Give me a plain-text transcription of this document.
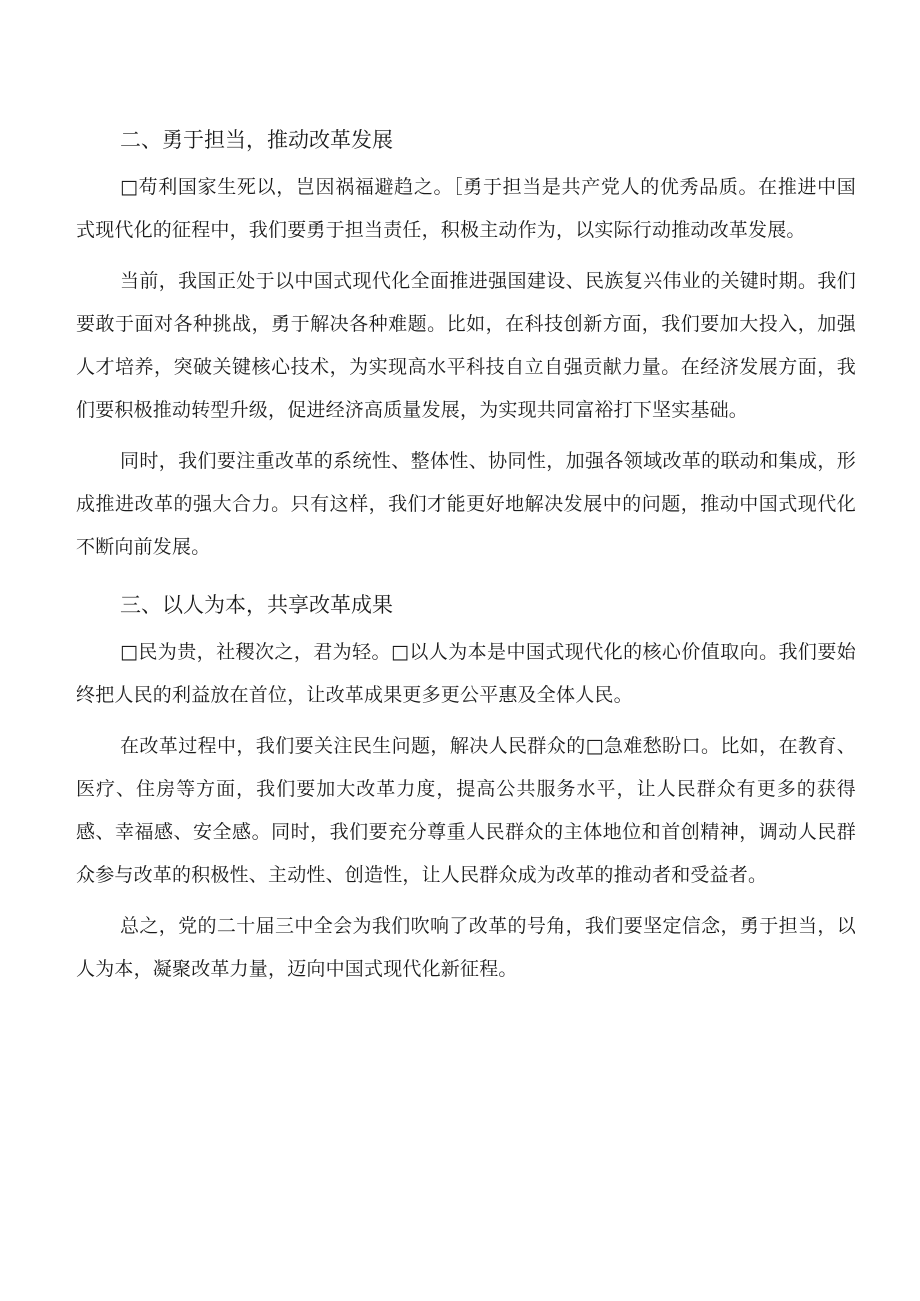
二、勇于担当，推动改革发展

□苟利国家生死以，岂因祸福避趋之。［勇于担当是共产党人的优秀品质。在推进中国式现代化的征程中，我们要勇于担当责任，积极主动作为，以实际行动推动改革发展。

当前，我国正处于以中国式现代化全面推进强国建设、民族复兴伟业的关键时期。我们要敢于面对各种挑战，勇于解决各种难题。比如，在科技创新方面，我们要加大投入，加强人才培养，突破关键核心技术，为实现高水平科技自立自强贡献力量。在经济发展方面，我们要积极推动转型升级，促进经济高质量发展，为实现共同富裕打下坚实基础。

同时，我们要注重改革的系统性、整体性、协同性，加强各领域改革的联动和集成，形成推进改革的强大合力。只有这样，我们才能更好地解决发展中的问题，推动中国式现代化不断向前发展。

三、以人为本，共享改革成果

□民为贵，社稷次之，君为轻。□以人为本是中国式现代化的核心价值取向。我们要始终把人民的利益放在首位，让改革成果更多更公平惠及全体人民。

在改革过程中，我们要关注民生问题，解决人民群众的□急难愁盼口。比如，在教育、医疗、住房等方面，我们要加大改革力度，提高公共服务水平，让人民群众有更多的获得感、幸福感、安全感。同时，我们要充分尊重人民群众的主体地位和首创精神，调动人民群众参与改革的积极性、主动性、创造性，让人民群众成为改革的推动者和受益者。

总之，党的二十届三中全会为我们吹响了改革的号角，我们要坚定信念，勇于担当，以人为本，凝聚改革力量，迈向中国式现代化新征程。
